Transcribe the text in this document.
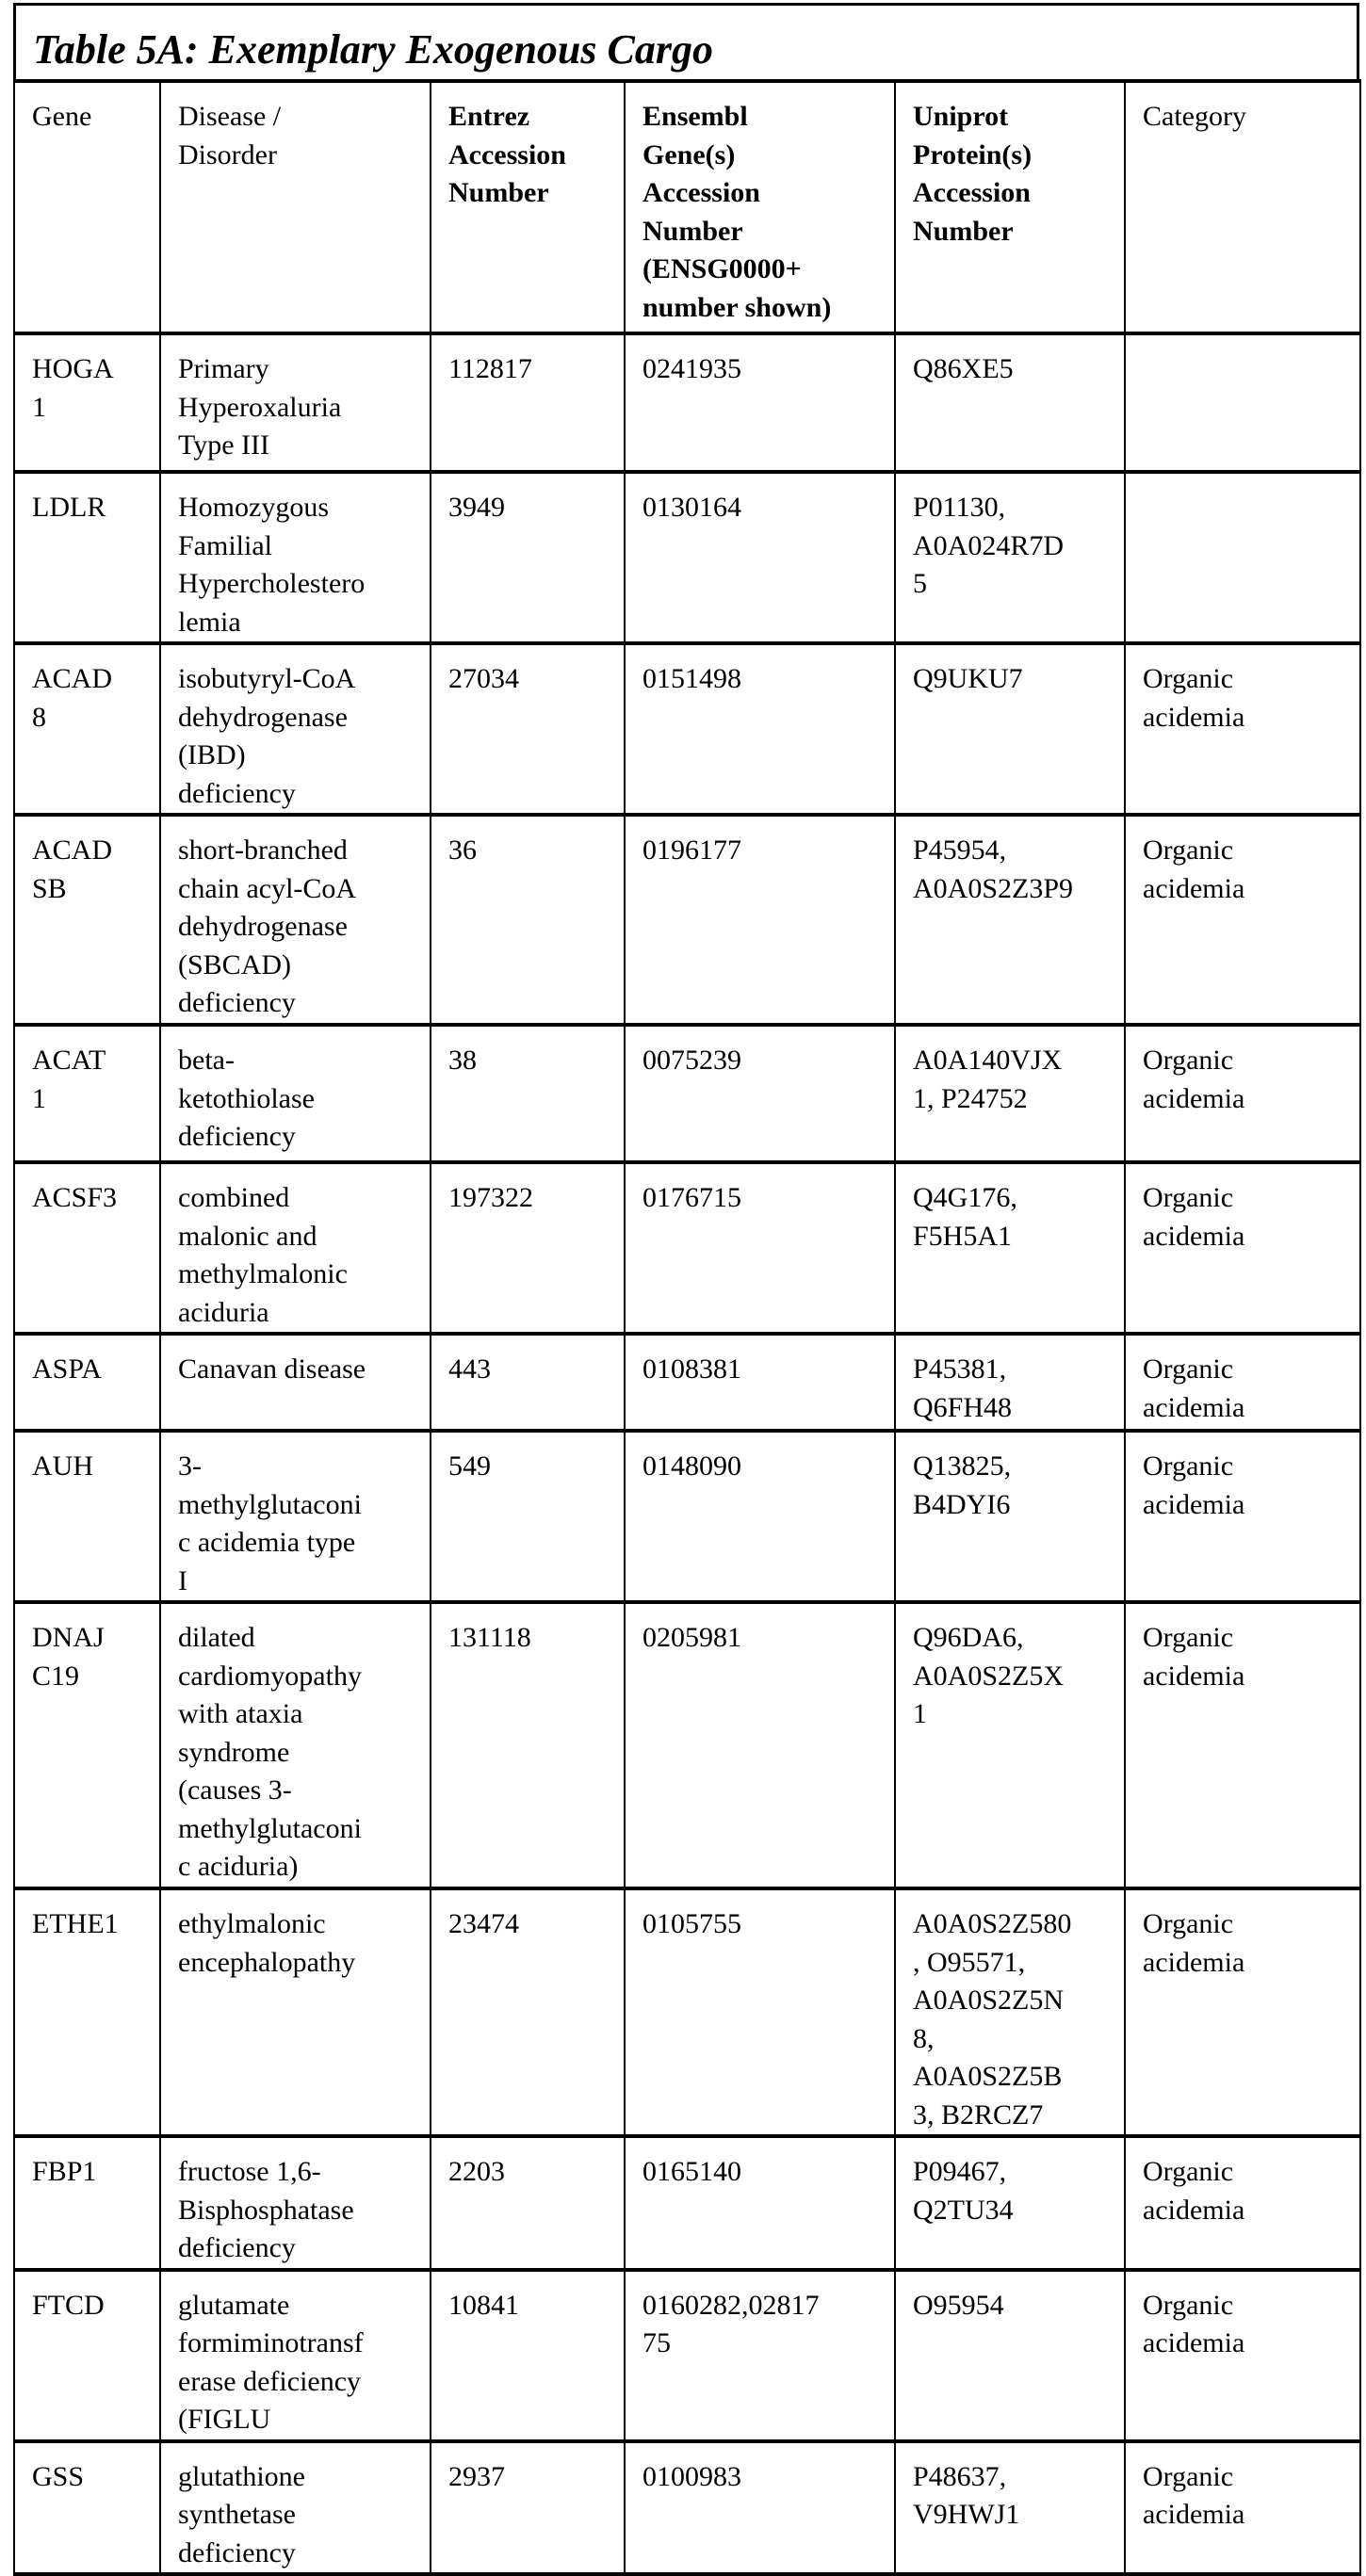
Table 5A: Exemplary Exogenous Cargo
Gene	Disease /
Disorder	Entrez
Accession
Number	Ensembl
Gene(s)
Accession
Number
(ENSG0000+
number shown)	Uniprot
Protein(s)
Accession
Number	Category
HOGA
1	Primary
Hyperoxaluria
Type III	112817	0241935	Q86XE5	
LDLR	Homozygous
Familial
Hypercholestero
lemia	3949	0130164	P01130,
A0A024R7D
5	
ACAD
8	isobutyryl-CoA
dehydrogenase
(IBD)
deficiency	27034	0151498	Q9UKU7	Organic
acidemia
ACAD
SB	short-branched
chain acyl-CoA
dehydrogenase
(SBCAD)
deficiency	36	0196177	P45954,
A0A0S2Z3P9	Organic
acidemia
ACAT
1	beta-
ketothiolase
deficiency	38	0075239	A0A140VJX
1, P24752	Organic
acidemia
ACSF3	combined
malonic and
methylmalonic
aciduria	197322	0176715	Q4G176,
F5H5A1	Organic
acidemia
ASPA	Canavan disease	443	0108381	P45381,
Q6FH48	Organic
acidemia
AUH	3-
methylglutaconi
c acidemia type
I	549	0148090	Q13825,
B4DYI6	Organic
acidemia
DNAJ
C19	dilated
cardiomyopathy
with ataxia
syndrome
(causes 3-
methylglutaconi
c aciduria)	131118	0205981	Q96DA6,
A0A0S2Z5X
1	Organic
acidemia
ETHE1	ethylmalonic
encephalopathy	23474	0105755	A0A0S2Z580
, O95571,
A0A0S2Z5N
8,
A0A0S2Z5B
3, B2RCZ7	Organic
acidemia
FBP1	fructose 1,6-
Bisphosphatase
deficiency	2203	0165140	P09467,
Q2TU34	Organic
acidemia
FTCD	glutamate
formiminotransf
erase deficiency
(FIGLU	10841	0160282,02817
75	O95954	Organic
acidemia
GSS	glutathione
synthetase
deficiency	2937	0100983	P48637,
V9HWJ1	Organic
acidemia
